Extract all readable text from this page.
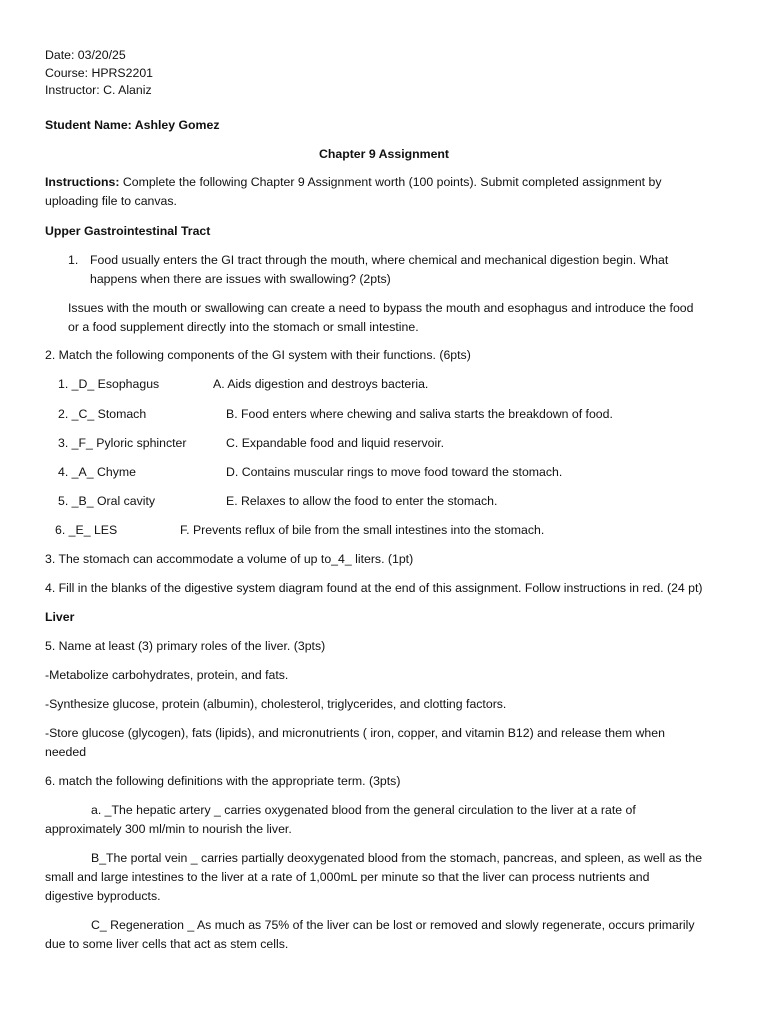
Date: 03/20/25
Course: HPRS2201
Instructor: C. Alaniz
Student Name: Ashley Gomez
Chapter 9 Assignment
Instructions: Complete the following Chapter 9 Assignment worth (100 points). Submit completed assignment by
uploading file to canvas.
Upper Gastrointestinal Tract
1. Food usually enters the GI tract through the mouth, where chemical and mechanical digestion begin. What
happens when there are issues with swallowing? (2pts)
Issues with the mouth or swallowing can create a need to bypass the mouth and esophagus and introduce the food
or a food supplement directly into the stomach or small intestine.
2. Match the following components of the GI system with their functions. (6pts)
1. _D_ Esophagus	A. Aids digestion and destroys bacteria.
2. _C_ Stomach	B. Food enters where chewing and saliva starts the breakdown of food.
3. _F_ Pyloric sphincter	C. Expandable food and liquid reservoir.
4. _A_ Chyme	D. Contains muscular rings to move food toward the stomach.
5. _B_ Oral cavity	E. Relaxes to allow the food to enter the stomach.
6. _E_ LES	F. Prevents reflux of bile from the small intestines into the stomach.
3. The stomach can accommodate a volume of up to_4_ liters. (1pt)
4. Fill in the blanks of the digestive system diagram found at the end of this assignment. Follow instructions in red. (24 pt)
Liver
5. Name at least (3) primary roles of the liver. (3pts)
-Metabolize carbohydrates, protein, and fats.
-Synthesize glucose, protein (albumin), cholesterol, triglycerides, and clotting factors.
-Store glucose (glycogen), fats (lipids), and micronutrients ( iron, copper, and vitamin B12) and release them when
needed
6. match the following definitions with the appropriate term. (3pts)
a. _The hepatic artery _ carries oxygenated blood from the general circulation to the liver at a rate of
approximately 300 ml/min to nourish the liver.
B_The portal vein _ carries partially deoxygenated blood from the stomach, pancreas, and spleen, as well as the
small and large intestines to the liver at a rate of 1,000mL per minute so that the liver can process nutrients and
digestive byproducts.
C_ Regeneration _ As much as 75% of the liver can be lost or removed and slowly regenerate, occurs primarily
due to some liver cells that act as stem cells.
